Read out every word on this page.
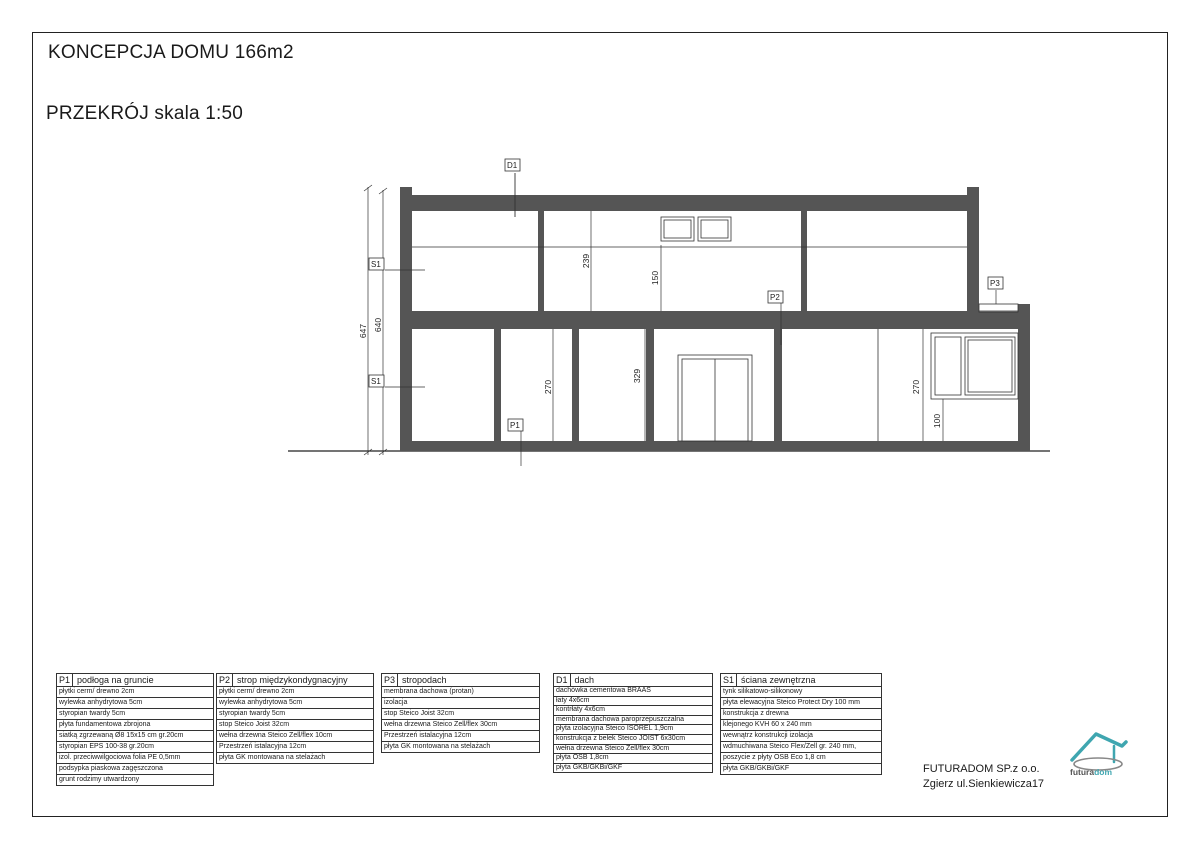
KONCEPCJA DOMU 166m2
PRZEKRÓJ skala 1:50
647 640
239
150
270
329
270
100
D1
S1
S1
P1
P2
P3
P1 podłoga na gruncie
płytki cerm/ drewno 2cm
wylewka anhydrytowa 5cm
styropian twardy 5cm
płyta fundamentowa zbrojona
siatką zgrzewaną Ø8 15x15 cm gr.20cm
styropian EPS 100-38 gr.20cm
izol. przeciwwilgociowa folia PE 0,5mm
podsypka piaskowa zagęszczona
grunt rodzimy utwardzony
P2 strop międzykondygnacyjny
płytki cerm/ drewno 2cm
wylewka anhydrytowa 5cm
styropian twardy 5cm
stop Steico Joist 32cm
wełna drzewna Steico Zell/flex 10cm
Przestrzeń istalacyjna 12cm
płyta GK montowana na stelażach
P3 stropodach
membrana dachowa (protan)
izolacja
stop Steico Joist 32cm
wełna drzewna Steico Zell/flex 30cm
Przestrzeń istalacyjna 12cm
płyta GK montowana na stelażach
D1 dach
dachówka cementowa BRAAS
łaty 4x6cm
kontrłaty 4x6cm
membrana dachowa paroprzepuszczalna
płyta izolacyjna Steico ISOREL 1,9cm
konstrukcja z belek Steico JOIST 6x30cm
wełna drzewna Steico Zell/flex 30cm
płyta OSB 1,8cm
płyta GKB/GKBi/GKF
S1 ściana zewnętrzna
tynk silikatowo-silikonowy
płyta elewacyjna Steico Protect Dry 100 mm
konstrukcja z drewna
klejonego KVH 60 x 240 mm
wewnątrz konstrukcji izolacja
wdmuchiwana Steico Flex/Zell gr. 240 mm,
poszycie z płyty OSB Eco 1,8 cm
płyta GKB/GKBi/GKF	FUTURADOM SP.z o.o.
Zgierz ul.Sienkiewicza17
futuradom
